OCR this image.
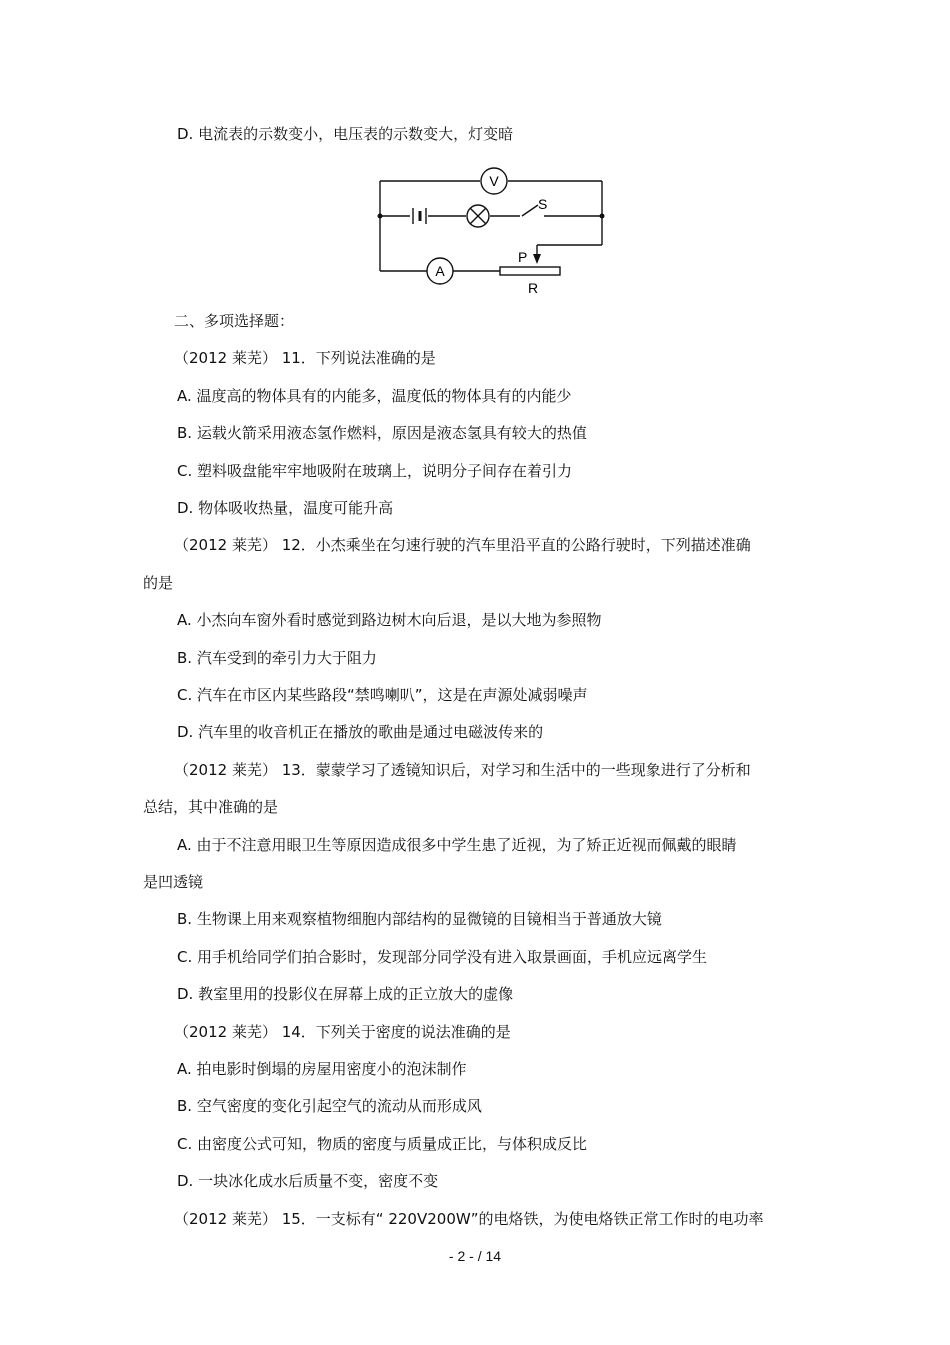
D. 电流表的示数变小，电压表的示数变大，灯变暗
V
S
A
P
R
二、多项选择题：
（2012 莱芜） 11．下列说法准确的是
A. 温度高的物体具有的内能多，温度低的物体具有的内能少
B. 运载火箭采用液态氢作燃料，原因是液态氢具有较大的热值
C. 塑料吸盘能牢牢地吸附在玻璃上，说明分子间存在着引力
D. 物体吸收热量，温度可能升高
（2012 莱芜） 12．小杰乘坐在匀速行驶的汽车里沿平直的公路行驶时，下列描述准确
的是
A. 小杰向车窗外看时感觉到路边树木向后退，是以大地为参照物
B. 汽车受到的牵引力大于阻力
C. 汽车在市区内某些路段“禁鸣喇叭”，这是在声源处减弱噪声
D. 汽车里的收音机正在播放的歌曲是通过电磁波传来的
（2012 莱芜） 13．蒙蒙学习了透镜知识后，对学习和生活中的一些现象进行了分析和
总结，其中准确的是
A. 由于不注意用眼卫生等原因造成很多中学生患了近视，为了矫正近视而佩戴的眼睛
是凹透镜
B. 生物课上用来观察植物细胞内部结构的显微镜的目镜相当于普通放大镜
C. 用手机给同学们拍合影时，发现部分同学没有进入取景画面，手机应远离学生
D. 教室里用的投影仪在屏幕上成的正立放大的虚像
（2012 莱芜） 14．下列关于密度的说法准确的是
A. 拍电影时倒塌的房屋用密度小的泡沫制作
B. 空气密度的变化引起空气的流动从而形成风
C. 由密度公式可知，物质的密度与质量成正比，与体积成反比
D. 一块冰化成水后质量不变，密度不变
（2012 莱芜） 15．一支标有“ 220V200W”的电烙铁，为使电烙铁正常工作时的电功率
- 2 - / 14
